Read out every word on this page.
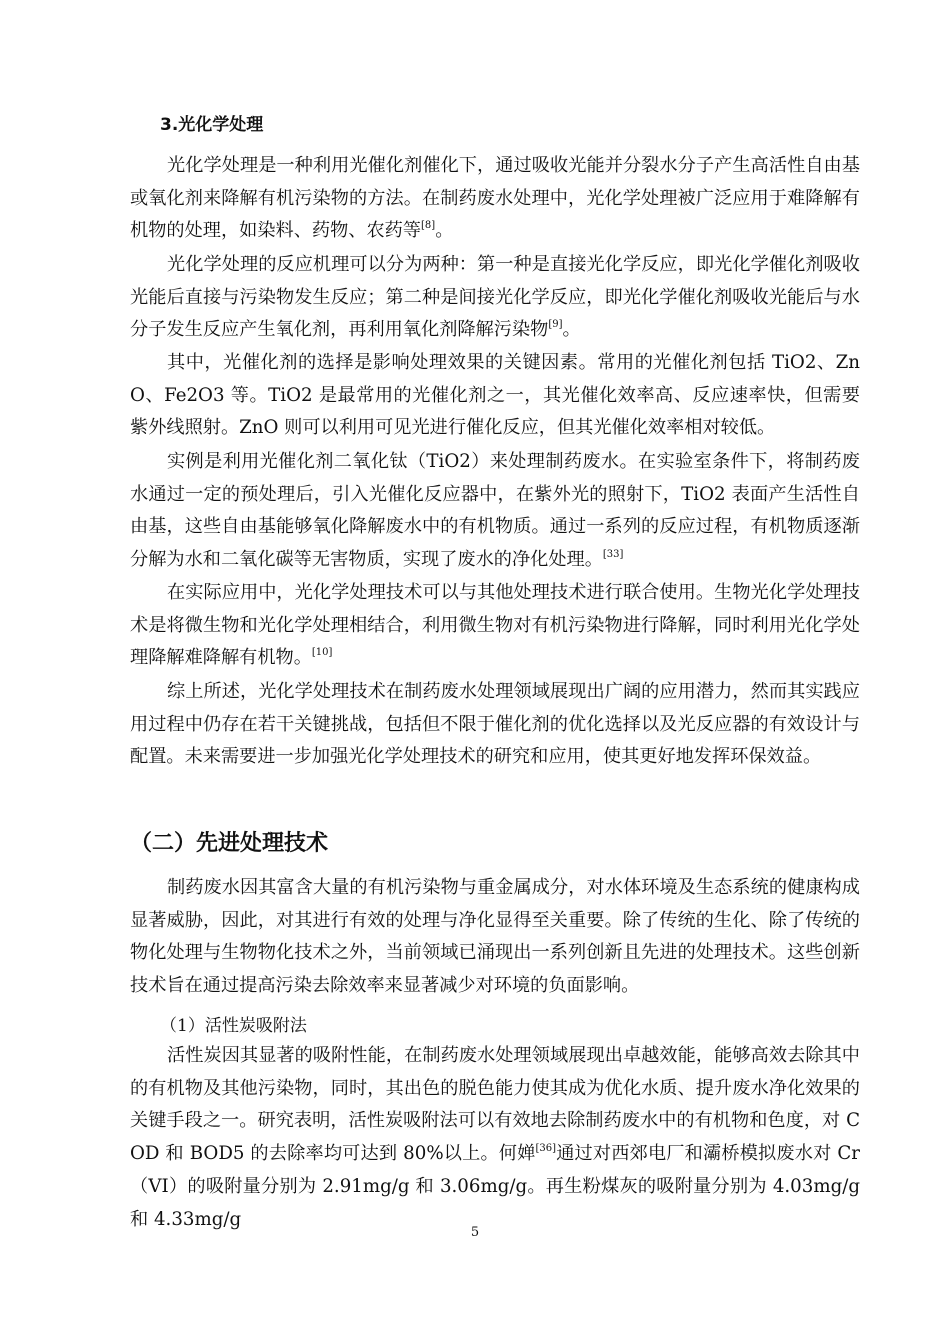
3.光化学处理

光化学处理是一种利用光催化剂催化下，通过吸收光能并分裂水分子产生高活性自由基或氧化剂来降解有机污染物的方法。在制药废水处理中，光化学处理被广泛应用于难降解有机物的处理，如染料、药物、农药等[8]。

光化学处理的反应机理可以分为两种：第一种是直接光化学反应，即光化学催化剂吸收光能后直接与污染物发生反应；第二种是间接光化学反应，即光化学催化剂吸收光能后与水分子发生反应产生氧化剂，再利用氧化剂降解污染物[9]。

其中，光催化剂的选择是影响处理效果的关键因素。常用的光催化剂包括 TiO2、ZnO、Fe2O3 等。TiO2 是最常用的光催化剂之一，其光催化效率高、反应速率快，但需要紫外线照射。ZnO 则可以利用可见光进行催化反应，但其光催化效率相对较低。

实例是利用光催化剂二氧化钛（TiO2）来处理制药废水。在实验室条件下，将制药废水通过一定的预处理后，引入光催化反应器中，在紫外光的照射下，TiO2 表面产生活性自由基，这些自由基能够氧化降解废水中的有机物质。通过一系列的反应过程，有机物质逐渐分解为水和二氧化碳等无害物质，实现了废水的净化处理。[33]

在实际应用中，光化学处理技术可以与其他处理技术进行联合使用。生物光化学处理技术是将微生物和光化学处理相结合，利用微生物对有机污染物进行降解，同时利用光化学处理降解难降解有机物。[10]

综上所述，光化学处理技术在制药废水处理领域展现出广阔的应用潜力，然而其实践应用过程中仍存在若干关键挑战，包括但不限于催化剂的优化选择以及光反应器的有效设计与配置。未来需要进一步加强光化学处理技术的研究和应用，使其更好地发挥环保效益。

（二）先进处理技术

制药废水因其富含大量的有机污染物与重金属成分，对水体环境及生态系统的健康构成显著威胁，因此，对其进行有效的处理与净化显得至关重要。除了传统的生化、除了传统的物化处理与生物物化技术之外，当前领域已涌现出一系列创新且先进的处理技术。这些创新技术旨在通过提高污染去除效率来显著减少对环境的负面影响。

（1）活性炭吸附法

活性炭因其显著的吸附性能，在制药废水处理领域展现出卓越效能，能够高效去除其中的有机物及其他污染物，同时，其出色的脱色能力使其成为优化水质、提升废水净化效果的关键手段之一。研究表明，活性炭吸附法可以有效地去除制药废水中的有机物和色度，对 COD 和 BOD5 的去除率均可达到 80%以上。何婵[36]通过对西郊电厂和灞桥模拟废水对 Cr（VI）的吸附量分别为 2.91mg/g 和 3.06mg/g。再生粉煤灰的吸附量分别为 4.03mg/g 和 4.33mg/g

5
